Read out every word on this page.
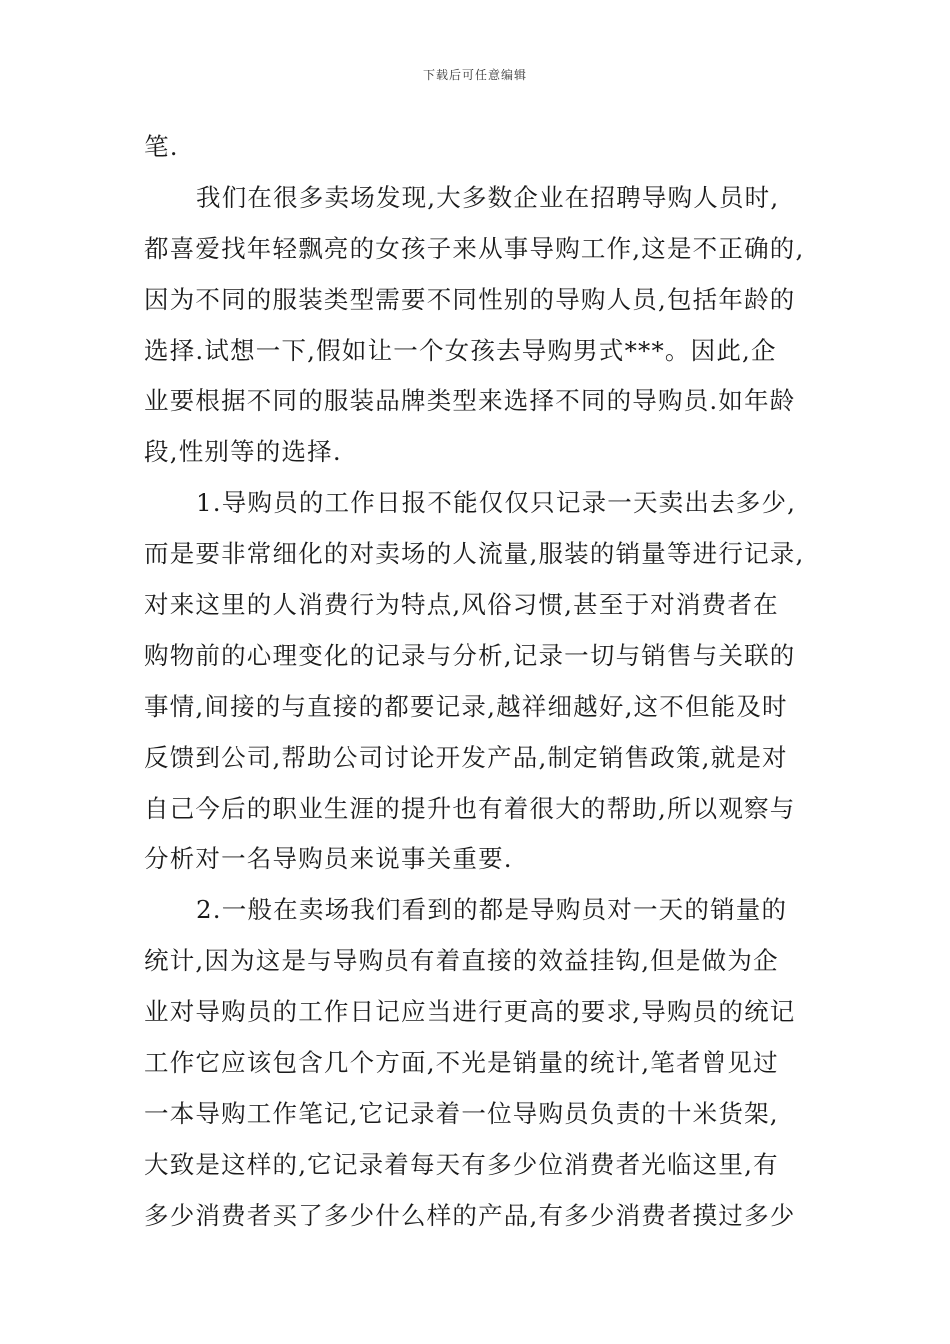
下载后可任意编辑
笔.
我们在很多卖场发现,大多数企业在招聘导购人员时,
都喜爱找年轻飘亮的女孩子来从事导购工作,这是不正确的,
因为不同的服装类型需要不同性别的导购人员,包括年龄的
选择.试想一下,假如让一个女孩去导购男式***。因此,企
业要根据不同的服装品牌类型来选择不同的导购员.如年龄
段,性别等的选择.
1.导购员的工作日报不能仅仅只记录一天卖出去多少,
而是要非常细化的对卖场的人流量,服装的销量等进行记录,
对来这里的人消费行为特点,风俗习惯,甚至于对消费者在
购物前的心理变化的记录与分析,记录一切与销售与关联的
事情,间接的与直接的都要记录,越祥细越好,这不但能及时
反馈到公司,帮助公司讨论开发产品,制定销售政策,就是对
自己今后的职业生涯的提升也有着很大的帮助,所以观察与
分析对一名导购员来说事关重要.
2.一般在卖场我们看到的都是导购员对一天的销量的
统计,因为这是与导购员有着直接的效益挂钩,但是做为企
业对导购员的工作日记应当进行更高的要求,导购员的统记
工作它应该包含几个方面,不光是销量的统计,笔者曾见过
一本导购工作笔记,它记录着一位导购员负责的十米货架,
大致是这样的,它记录着每天有多少位消费者光临这里,有
多少消费者买了多少什么样的产品,有多少消费者摸过多少
